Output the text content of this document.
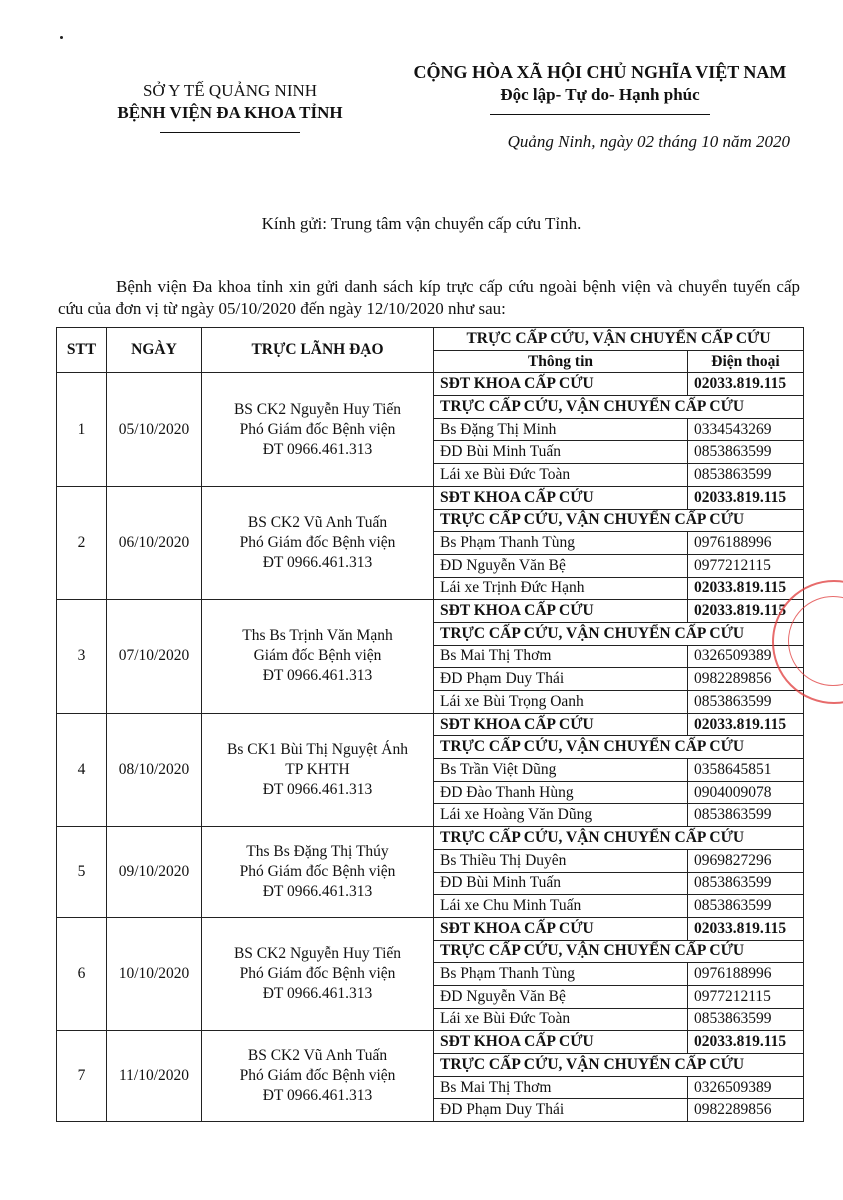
SỞ Y TẾ QUẢNG NINH
BỆNH VIỆN ĐA KHOA TỈNH
CỘNG HÒA XÃ HỘI CHỦ NGHĨA VIỆT NAM
Độc lập- Tự do- Hạnh phúc
Quảng Ninh, ngày 02 tháng 10 năm 2020
Kính gửi: Trung tâm vận chuyển cấp cứu Tỉnh.
Bệnh viện Đa khoa tỉnh xin gửi danh sách kíp trực cấp cứu ngoài bệnh viện và chuyển tuyến cấp cứu của đơn vị từ ngày 05/10/2020 đến ngày 12/10/2020 như sau:
STT	NGÀY	TRỰC LÃNH ĐẠO	TRỰC CẤP CỨU, VẬN CHUYỂN CẤP CỨU	
			Thông tin	Điện thoại
1	05/10/2020	BS CK2 Nguyễn Huy Tiến
Phó Giám đốc Bệnh viện
ĐT 0966.461.313	SĐT KHOA CẤP CỨU	02033.819.115
			TRỰC CẤP CỨU, VẬN CHUYỂN CẤP CỨU	
			Bs Đặng Thị Minh	0334543269
			ĐD Bùi Minh Tuấn	0853863599
			Lái xe Bùi Đức Toàn	0853863599
2	06/10/2020	BS CK2 Vũ Anh Tuấn
Phó Giám đốc Bệnh viện
ĐT 0966.461.313	SĐT KHOA CẤP CỨU	02033.819.115
			TRỰC CẤP CỨU, VẬN CHUYỂN CẤP CỨU	
			Bs Phạm Thanh Tùng	0976188996
			ĐD Nguyễn Văn Bệ	0977212115
			Lái xe Trịnh Đức Hạnh	02033.819.115
3	07/10/2020	Ths Bs Trịnh Văn Mạnh
Giám đốc Bệnh viện
ĐT 0966.461.313	SĐT KHOA CẤP CỨU	02033.819.115
			TRỰC CẤP CỨU, VẬN CHUYỂN CẤP CỨU	
			Bs Mai Thị Thơm	0326509389
			ĐD Phạm Duy Thái	0982289856
			Lái xe Bùi Trọng Oanh	0853863599
4	08/10/2020	Bs CK1 Bùi Thị Nguyệt Ánh
TP KHTH
ĐT 0966.461.313	SĐT KHOA CẤP CỨU	02033.819.115
			TRỰC CẤP CỨU, VẬN CHUYỂN CẤP CỨU	
			Bs Trần Việt Dũng	0358645851
			ĐD Đào Thanh Hùng	0904009078
			Lái xe Hoàng Văn Dũng	0853863599
5	09/10/2020	Ths Bs Đặng Thị Thúy
Phó Giám đốc Bệnh viện
ĐT 0966.461.313	TRỰC CẤP CỨU, VẬN CHUYỂN CẤP CỨU	
			Bs Thiều Thị Duyên	0969827296
			ĐD Bùi Minh Tuấn	0853863599
			Lái xe Chu Minh Tuấn	0853863599
6	10/10/2020	BS CK2 Nguyễn Huy Tiến
Phó Giám đốc Bệnh viện
ĐT 0966.461.313	SĐT KHOA CẤP CỨU	02033.819.115
			TRỰC CẤP CỨU, VẬN CHUYỂN CẤP CỨU	
			Bs Phạm Thanh Tùng	0976188996
			ĐD Nguyễn Văn Bệ	0977212115
			Lái xe Bùi Đức Toàn	0853863599
7	11/10/2020	BS CK2 Vũ Anh Tuấn
Phó Giám đốc Bệnh viện
ĐT 0966.461.313	SĐT KHOA CẤP CỨU	02033.819.115
			TRỰC CẤP CỨU, VẬN CHUYỂN CẤP CỨU	
			Bs Mai Thị Thơm	0326509389
			ĐD Phạm Duy Thái	0982289856
